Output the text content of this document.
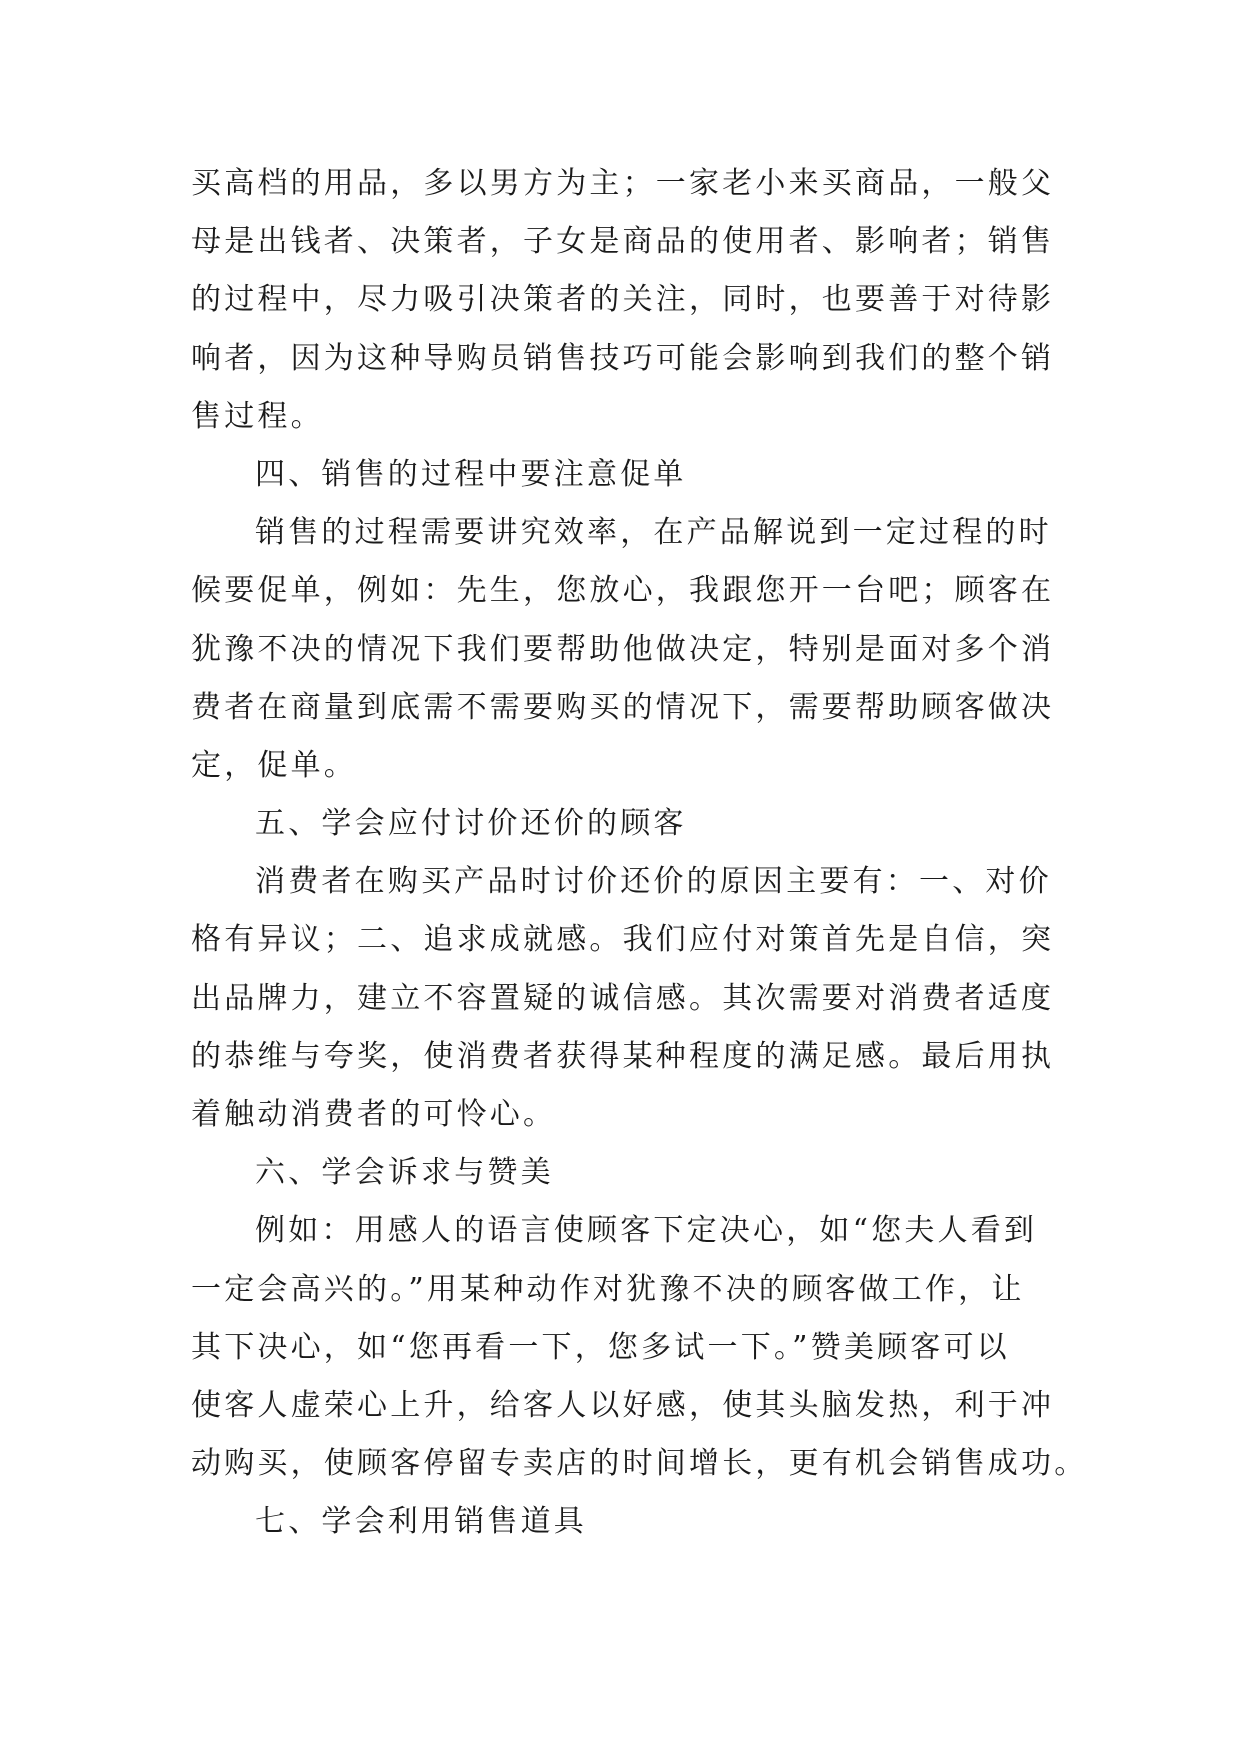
买高档的用品，多以男方为主；一家老小来买商品，一般父
母是出钱者、决策者，子女是商品的使用者、影响者；销售
的过程中，尽力吸引决策者的关注，同时，也要善于对待影
响者，因为这种导购员销售技巧可能会影响到我们的整个销
售过程。
四、销售的过程中要注意促单
销售的过程需要讲究效率，在产品解说到一定过程的时
候要促单，例如：先生，您放心，我跟您开一台吧；顾客在
犹豫不决的情况下我们要帮助他做决定，特别是面对多个消
费者在商量到底需不需要购买的情况下，需要帮助顾客做决
定，促单。
五、学会应付讨价还价的顾客
消费者在购买产品时讨价还价的原因主要有：一、对价
格有异议；二、追求成就感。我们应付对策首先是自信，突
出品牌力，建立不容置疑的诚信感。其次需要对消费者适度
的恭维与夸奖，使消费者获得某种程度的满足感。最后用执
着触动消费者的可怜心。
六、学会诉求与赞美
例如：用感人的语言使顾客下定决心，如“您夫人看到
一定会高兴的。”用某种动作对犹豫不决的顾客做工作，让
其下决心，如“您再看一下，您多试一下。”赞美顾客可以
使客人虚荣心上升，给客人以好感，使其头脑发热，利于冲
动购买，使顾客停留专卖店的时间增长，更有机会销售成功。
七、学会利用销售道具
